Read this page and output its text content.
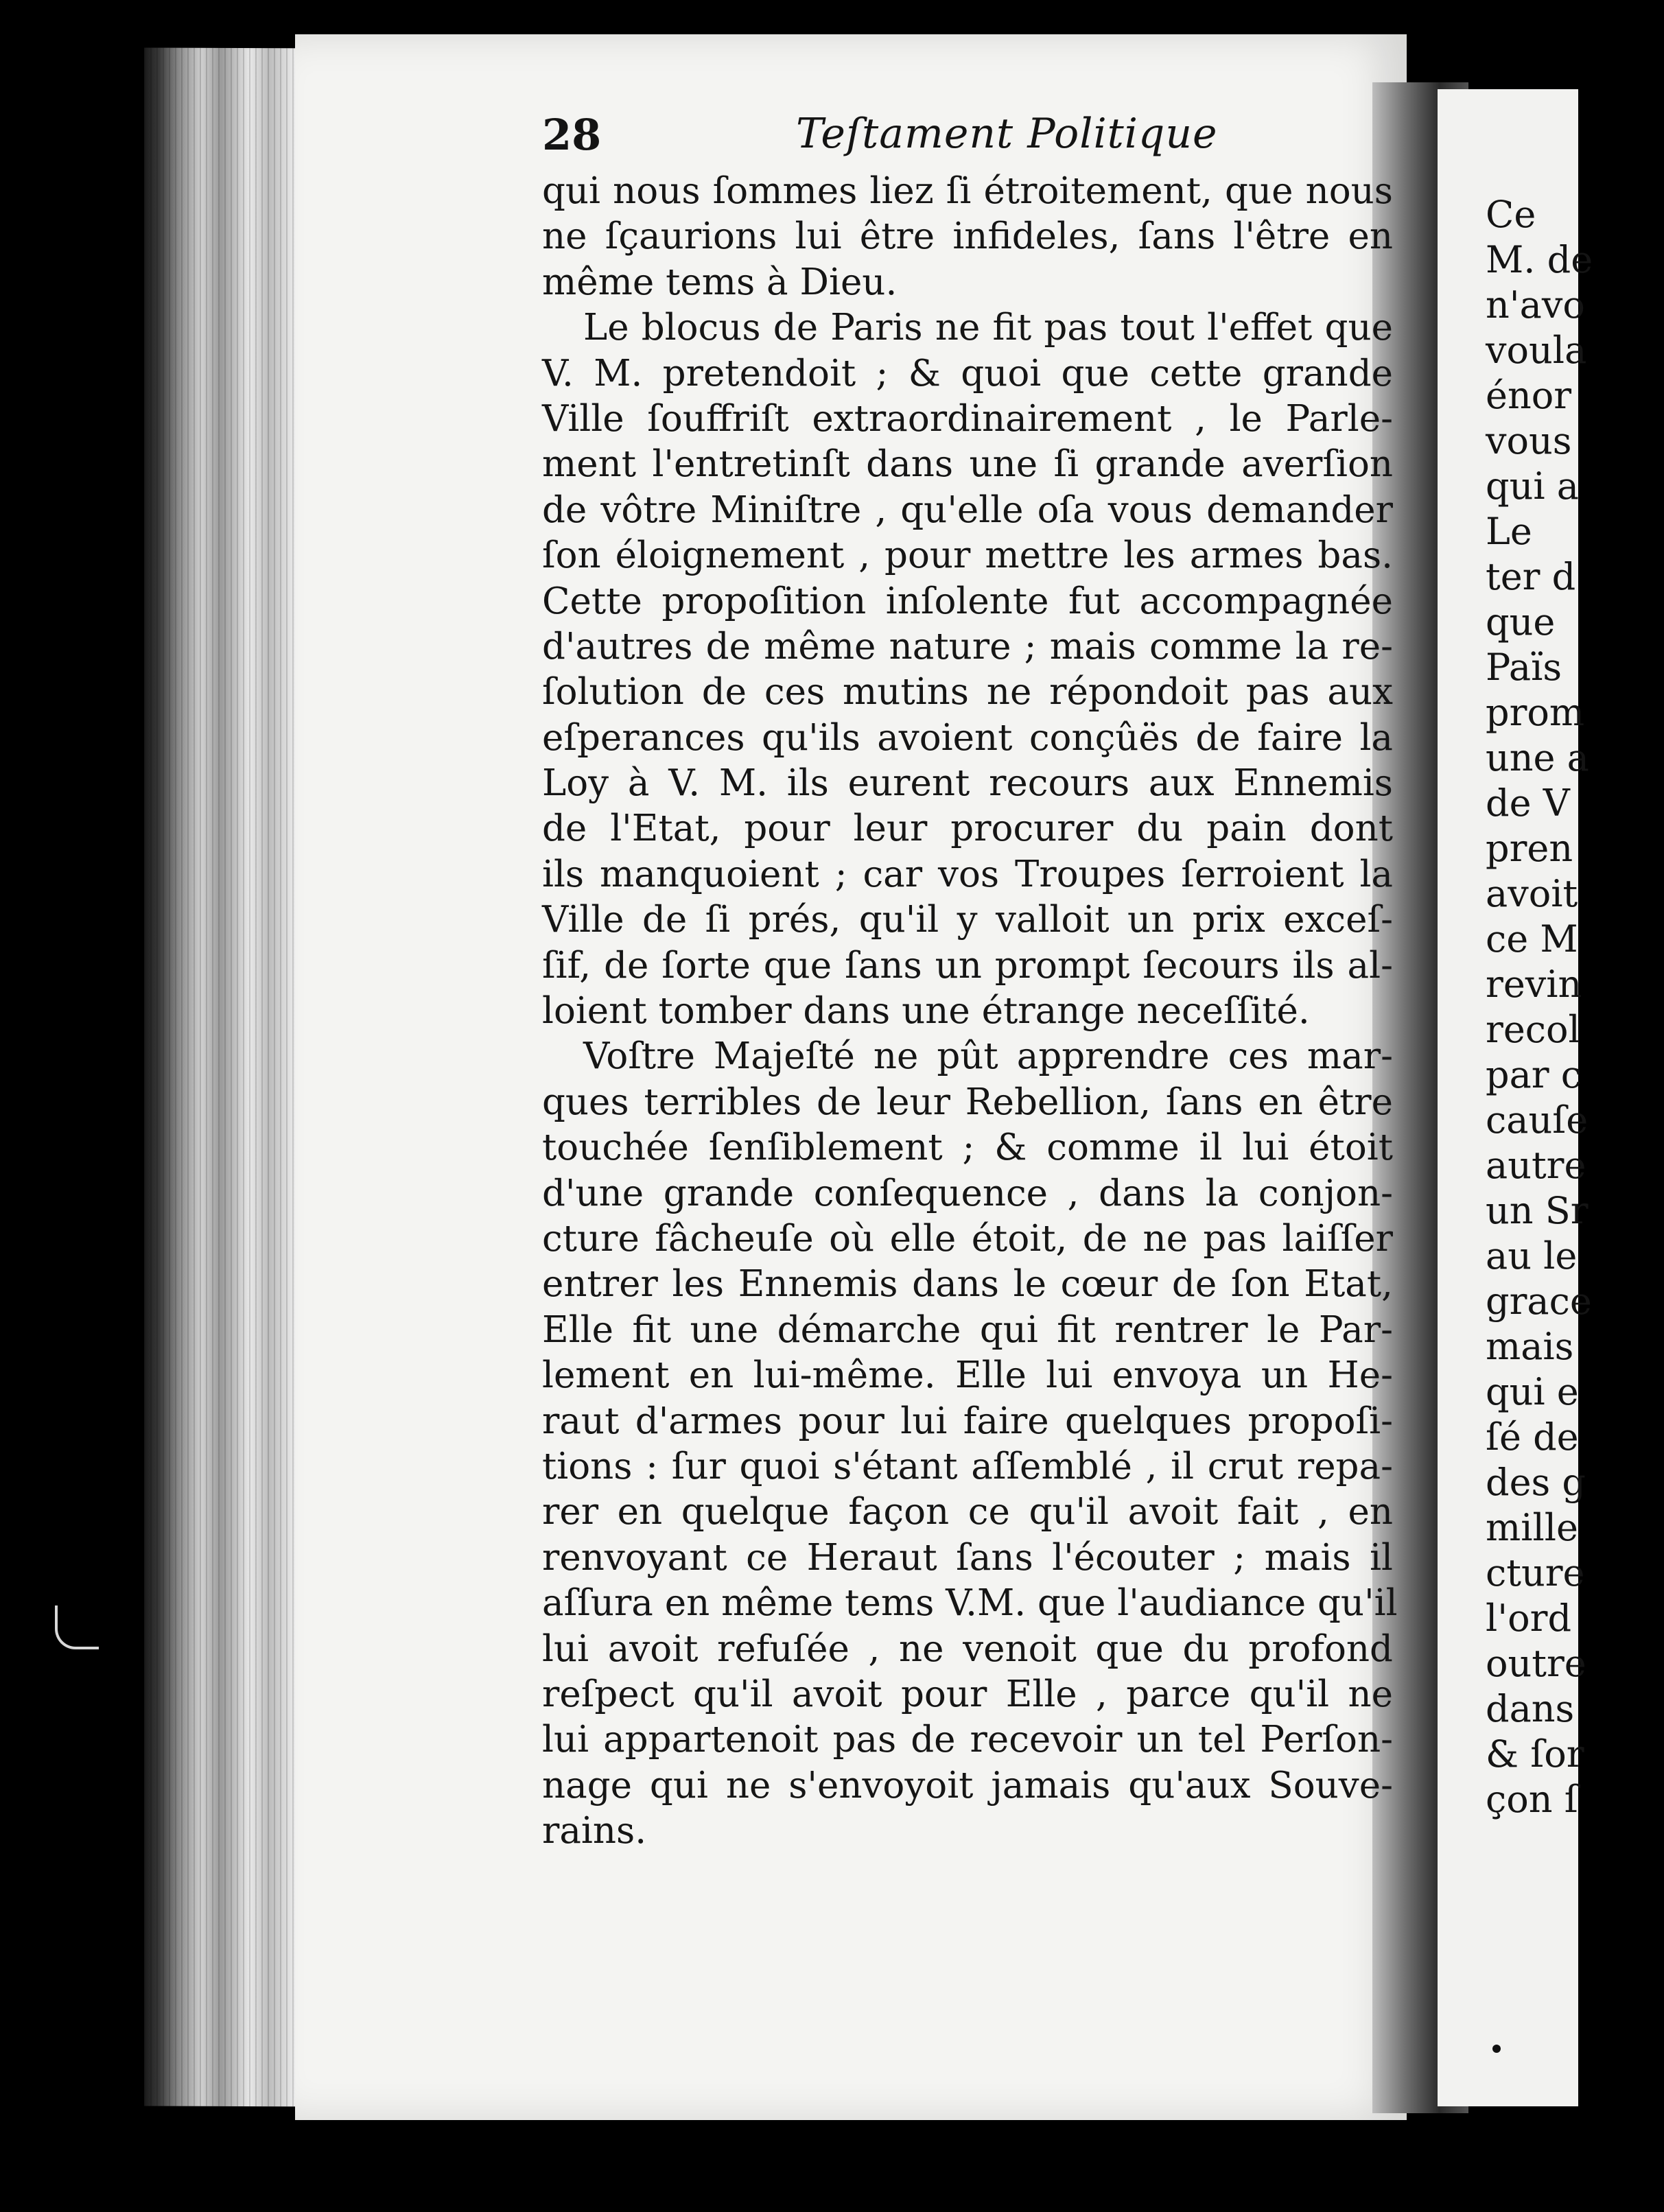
Ce
M. de
n'avo
voula
énor
vous
qui a
Le
ter d
que
Païs
prom
une a
de V
pren
avoit
ce M
revin
recol
par c
cauſe
autre
un Sr
au le
grace
mais
qui e
ſé de
des g
mille
cture
l'ord
outre
dans
& ſor
çon ſ
28	Teſtament Politique
qui nous ſommes liez ſi étroitement, que nous
ne ſçaurions lui être infideles, ſans l'être en
même tems à Dieu.
Le blocus de Paris ne fit pas tout l'effet que
V. M. pretendoit ; & quoi que cette grande
Ville ſouffriſt extraordinairement , le Parle-
ment l'entretinſt dans une ſi grande averſion
de vôtre Miniſtre , qu'elle oſa vous demander
ſon éloignement , pour mettre les armes bas.
Cette propoſition inſolente fut accompagnée
d'autres de même nature ; mais comme la re-
ſolution de ces mutins ne répondoit pas aux
eſperances qu'ils avoient conçûës de faire la
Loy à V. M. ils eurent recours aux Ennemis
de l'Etat, pour leur procurer du pain dont
ils manquoient ; car vos Troupes ſerroient la
Ville de ſi prés, qu'il y valloit un prix exceſ-
ſif, de ſorte que ſans un prompt ſecours ils al-
loient tomber dans une étrange neceſſité.
Voſtre Majeſté ne pût apprendre ces mar-
ques terribles de leur Rebellion, ſans en être
touchée ſenſiblement ; & comme il lui étoit
d'une grande conſequence , dans la conjon-
cture fâcheuſe où elle étoit, de ne pas laiſſer
entrer les Ennemis dans le cœur de ſon Etat,
Elle fit une démarche qui fit rentrer le Par-
lement en lui-même. Elle lui envoya un He-
raut d'armes pour lui faire quelques propoſi-
tions : ſur quoi s'étant aſſemblé , il crut repa-
rer en quelque façon ce qu'il avoit fait , en
renvoyant ce Heraut ſans l'écouter ; mais il
aſſura en même tems V.M. que l'audiance qu'il
lui avoit refuſée , ne venoit que du profond
reſpect qu'il avoit pour Elle , parce qu'il ne
lui appartenoit pas de recevoir un tel Perſon-
nage qui ne s'envoyoit jamais qu'aux Souve-
rains.
